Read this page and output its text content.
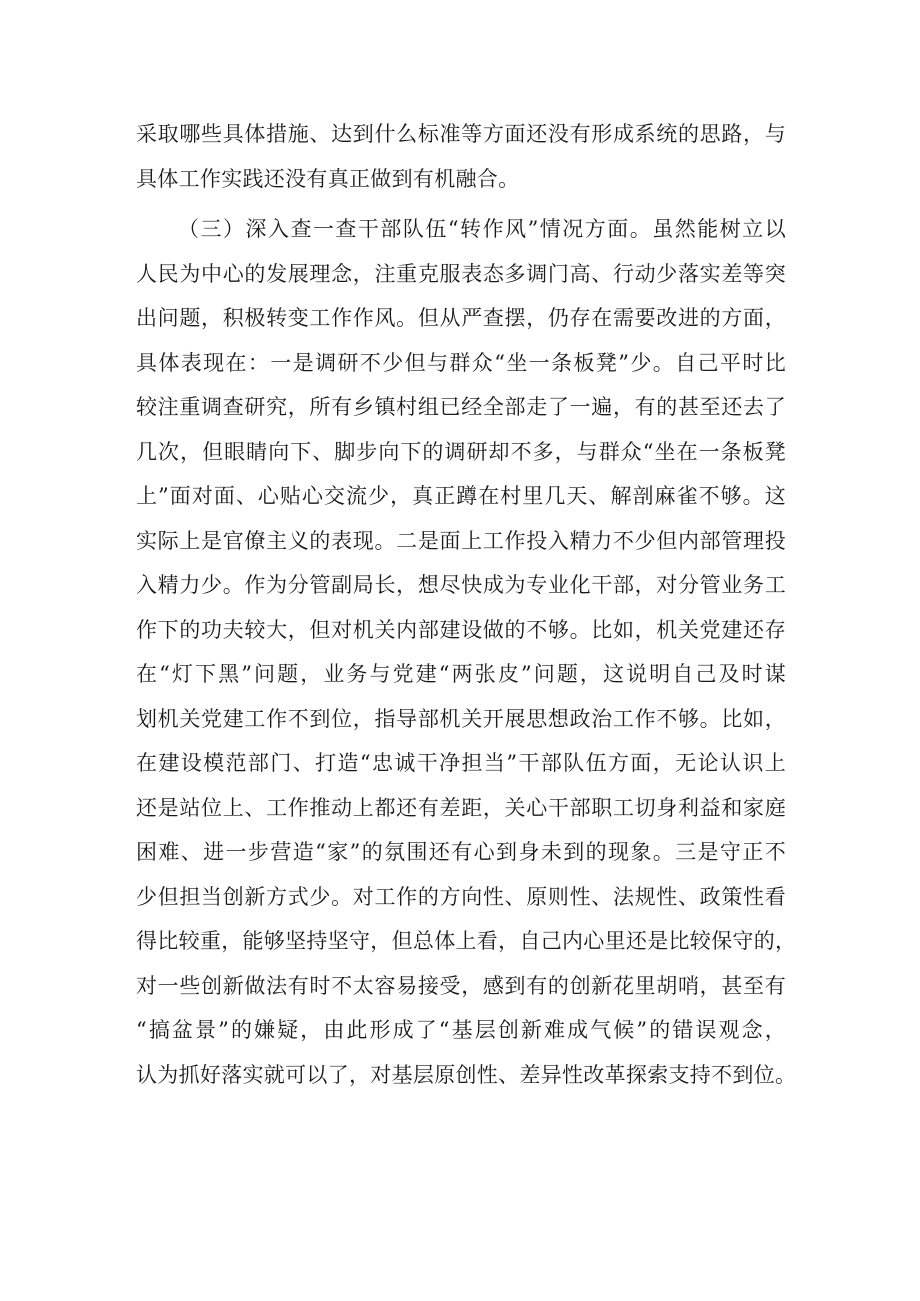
采取哪些具体措施、达到什么标准等方面还没有形成系统的思路，与
具体工作实践还没有真正做到有机融合。
（三）深入查一查干部队伍“转作风”情况方面。虽然能树立以
人民为中心的发展理念，注重克服表态多调门高、行动少落实差等突
出问题，积极转变工作作风。但从严查摆，仍存在需要改进的方面，
具体表现在：一是调研不少但与群众“坐一条板凳”少。自己平时比
较注重调查研究，所有乡镇村组已经全部走了一遍，有的甚至还去了
几次，但眼睛向下、脚步向下的调研却不多，与群众“坐在一条板凳
上”面对面、心贴心交流少，真正蹲在村里几天、解剖麻雀不够。这
实际上是官僚主义的表现。二是面上工作投入精力不少但内部管理投
入精力少。作为分管副局长，想尽快成为专业化干部，对分管业务工
作下的功夫较大，但对机关内部建设做的不够。比如，机关党建还存
在“灯下黑”问题，业务与党建“两张皮”问题，这说明自己及时谋
划机关党建工作不到位，指导部机关开展思想政治工作不够。比如，
在建设模范部门、打造“忠诚干净担当”干部队伍方面，无论认识上
还是站位上、工作推动上都还有差距，关心干部职工切身利益和家庭
困难、进一步营造“家”的氛围还有心到身未到的现象。三是守正不
少但担当创新方式少。对工作的方向性、原则性、法规性、政策性看
得比较重，能够坚持坚守，但总体上看，自己内心里还是比较保守的，
对一些创新做法有时不太容易接受，感到有的创新花里胡哨，甚至有
“搞盆景”的嫌疑，由此形成了“基层创新难成气候”的错误观念，
认为抓好落实就可以了，对基层原创性、差异性改革探索支持不到位。
